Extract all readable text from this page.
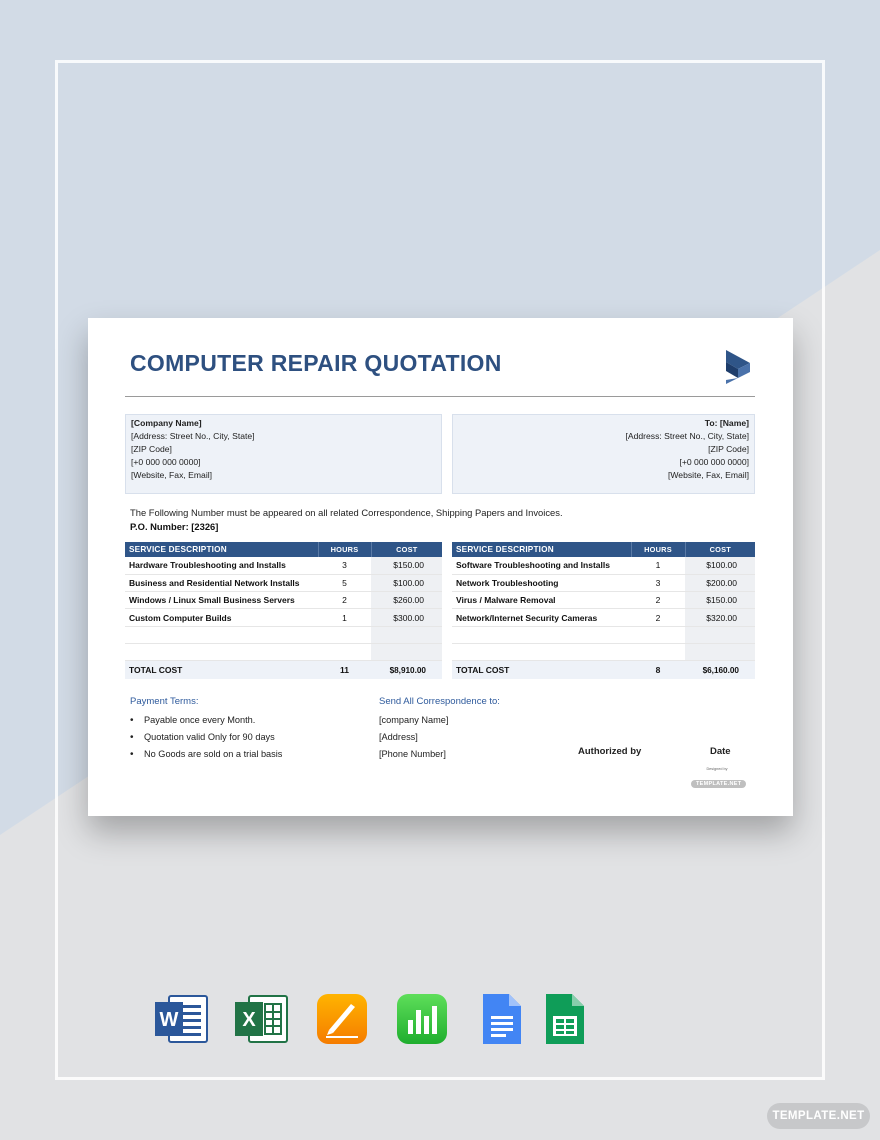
COMPUTER REPAIR QUOTATION
[Company Name]
[Address: Street No., City, State]
[ZIP Code]
[+0 000 000 0000]
[Website, Fax, Email]
To: [Name]
[Address: Street No., City, State]
[ZIP Code]
[+0 000 000 0000]
[Website, Fax, Email]
The Following Number must be appeared on all related Correspondence, Shipping Papers and Invoices.
P.O. Number: [2326]
SERVICE DESCRIPTION	HOURS	COST
Hardware Troubleshooting and Installs	3	$150.00
Business and Residential Network Installs	5	$100.00
Windows / Linux Small Business Servers	2	$260.00
Custom Computer Builds	1	$300.00

TOTAL COST	11	$8,910.00
SERVICE DESCRIPTION	HOURS	COST
Software Troubleshooting and Installs	1	$100.00
Network Troubleshooting	3	$200.00
Virus / Malware Removal	2	$150.00
Network/Internet Security Cameras	2	$320.00

TOTAL COST	8	$6,160.00
Payment Terms:
• Payable once every Month.
• Quotation valid Only for 90 days
• No Goods are sold on a trial basis
Send All Correspondence to:
[company Name]
[Address]
[Phone Number]	Authorized by	Date
Designed by
TEMPLATE.NET
W	X
TEMPLATE.NET
